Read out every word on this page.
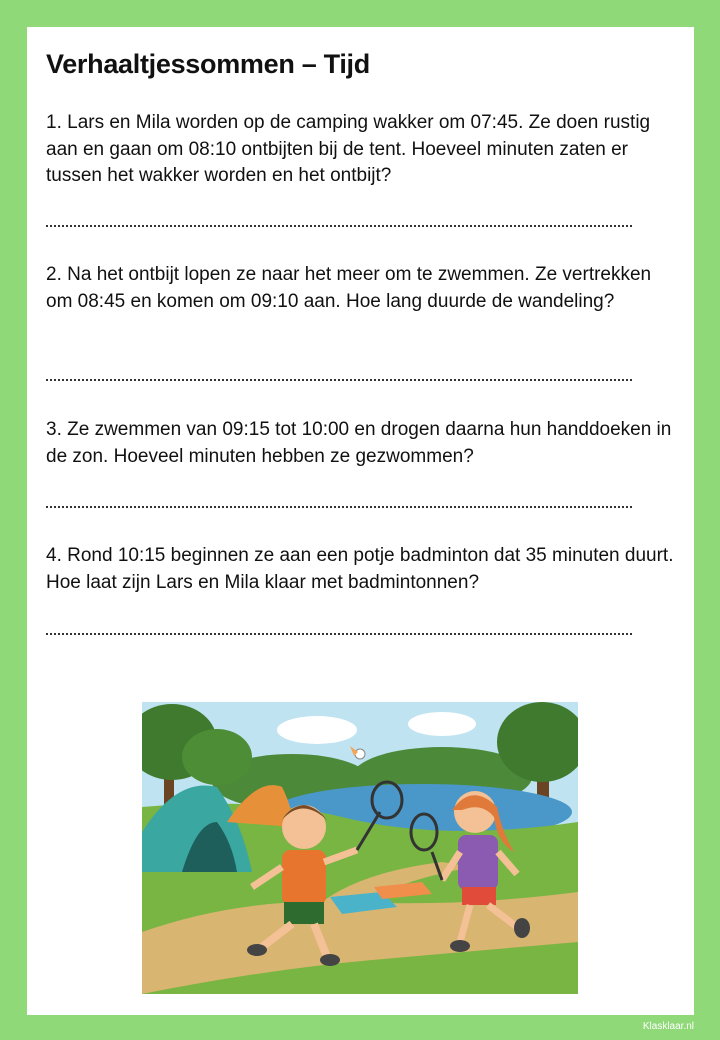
Verhaaltjessommen – Tijd
1. Lars en Mila worden op de camping wakker om 07:45. Ze doen rustig aan en gaan om 08:10 ontbijten bij de tent. Hoeveel minuten zaten er tussen het wakker worden en het ontbijt?
2. Na het ontbijt lopen ze naar het meer om te zwemmen. Ze vertrekken om 08:45 en komen om 09:10 aan. Hoe lang duurde de wandeling?
3. Ze zwemmen van 09:15 tot 10:00 en drogen daarna hun handdoeken in de zon. Hoeveel minuten hebben ze gezwommen?
4. Rond 10:15 beginnen ze aan een potje badminton dat 35 minuten duurt. Hoe laat zijn Lars en Mila klaar met badmintonnen?
Klasklaar.nl
